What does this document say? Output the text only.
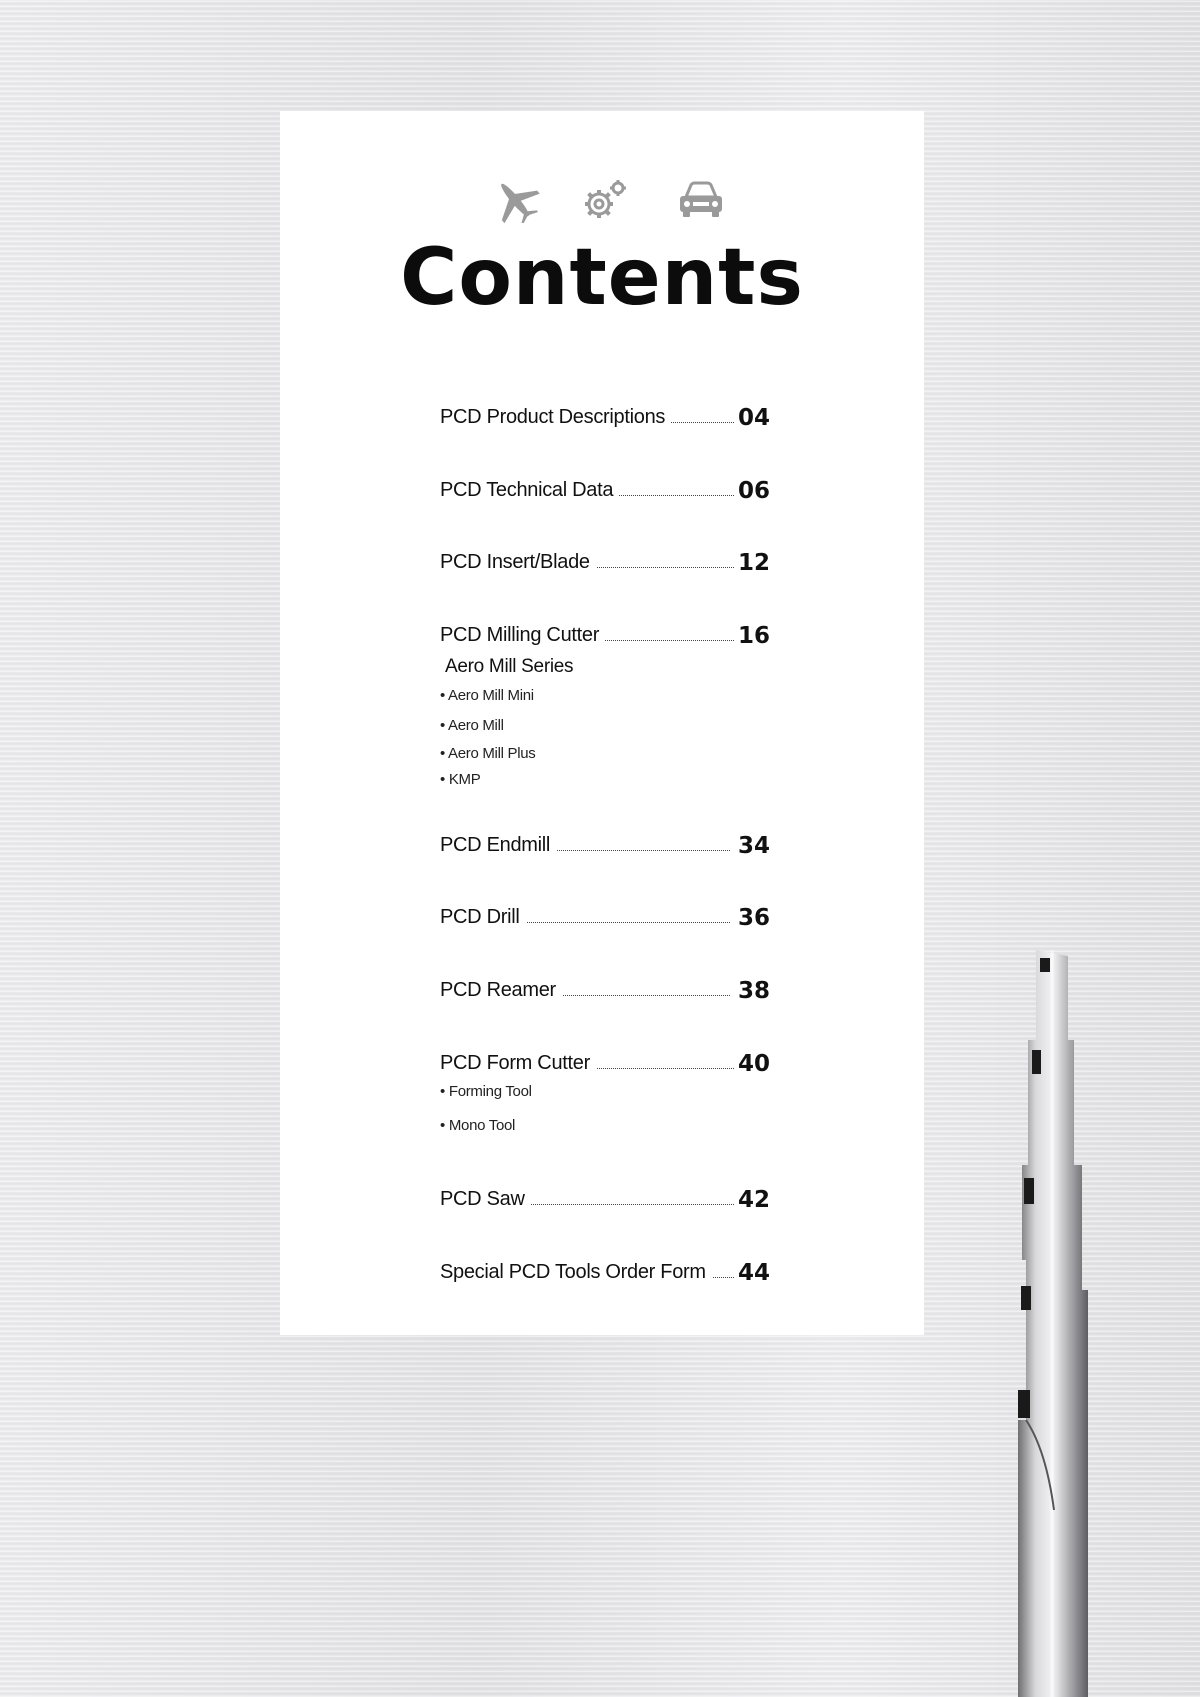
Contents
PCD Product Descriptions	04
PCD Technical Data	06
PCD Insert/Blade	12
PCD Milling Cutter	16
Aero Mill Series
• Aero Mill Mini
• Aero Mill
• Aero Mill Plus
• KMP
PCD Endmill	34
PCD Drill	36
PCD Reamer	38
PCD Form Cutter	40
• Forming Tool
• Mono Tool
PCD Saw	42
Special PCD Tools Order Form 44
